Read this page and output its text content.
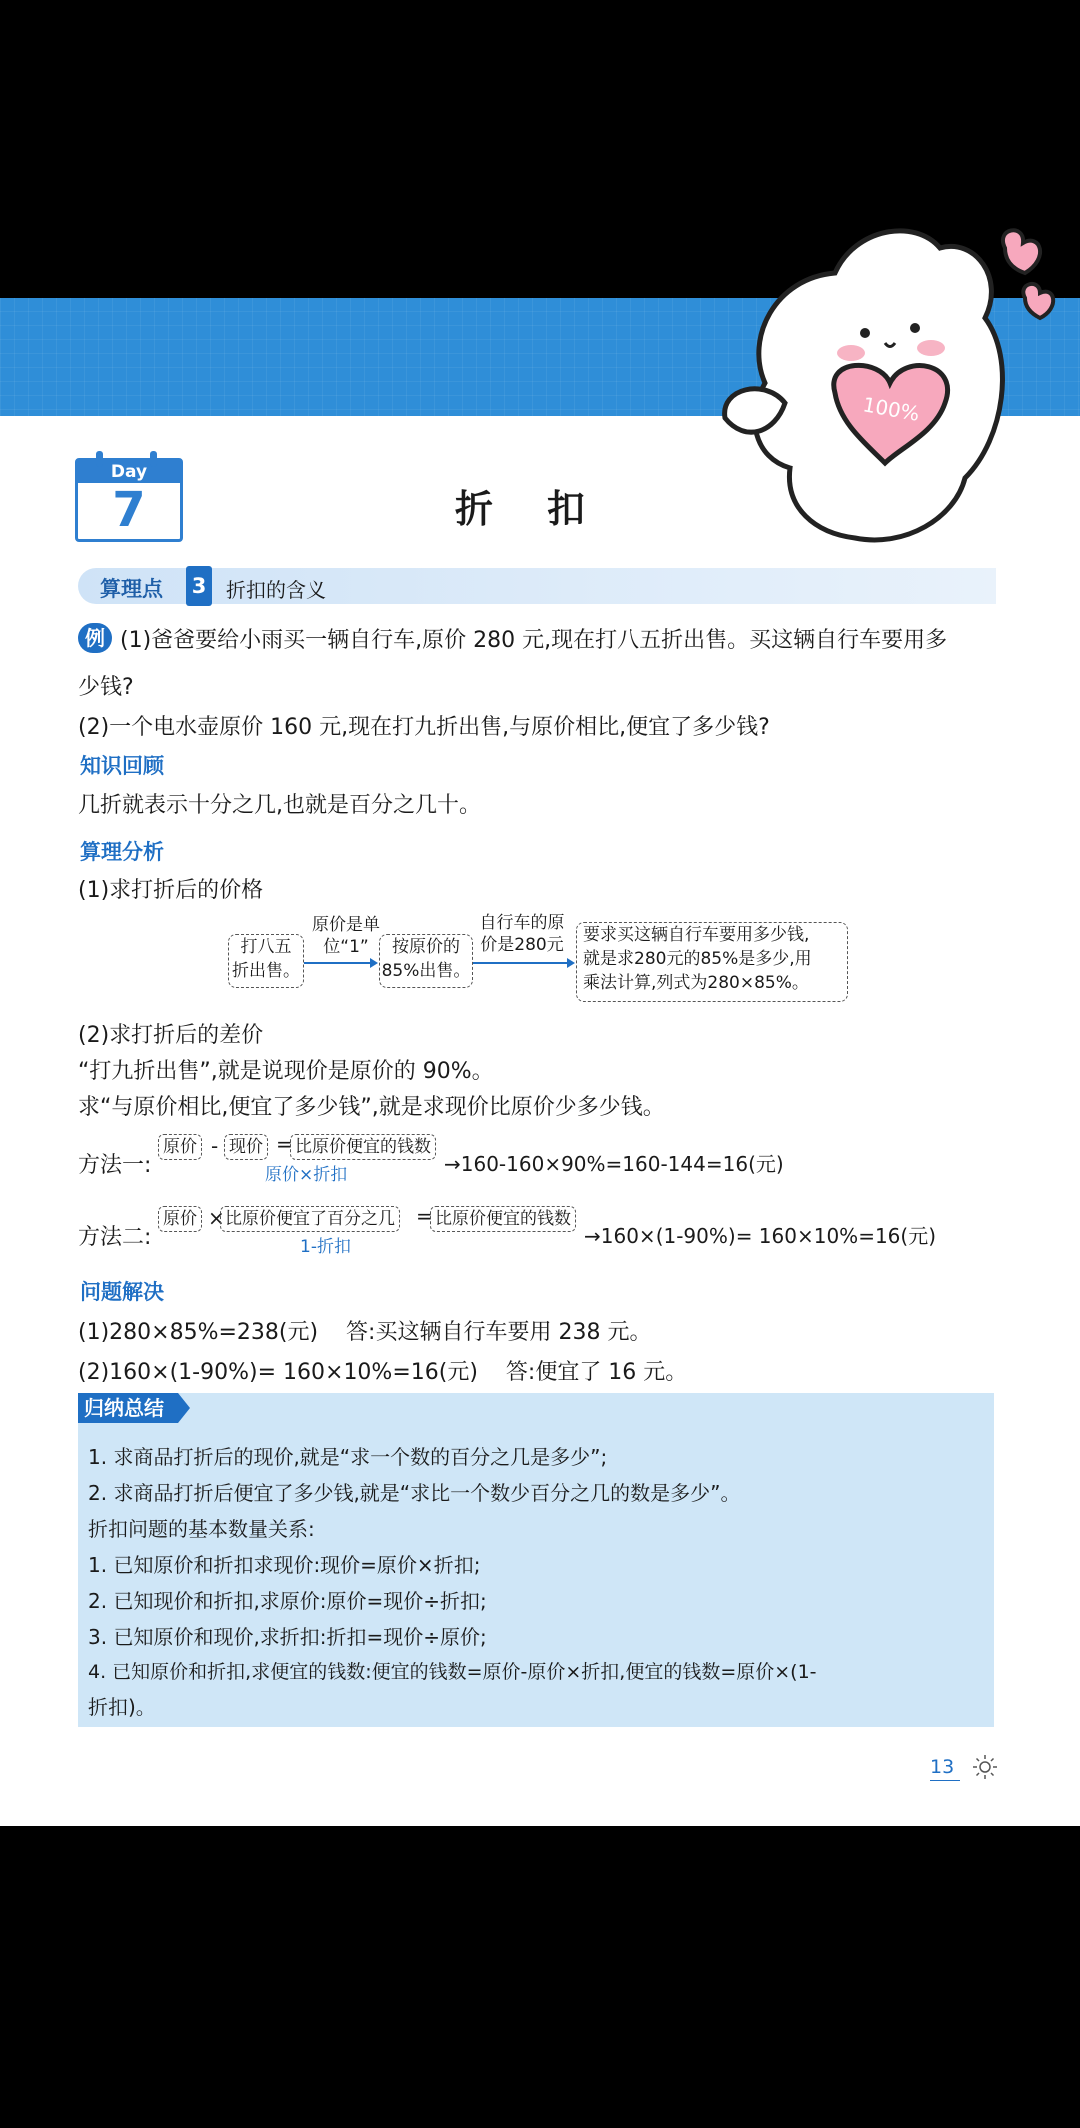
Day
7	折扣
算理点 3 折扣的含义
例 (1)爸爸要给小雨买一辆自行车,原价 280 元,现在打八五折出售。买这辆自行车要用多
少钱?
(2)一个电水壶原价 160 元,现在打九折出售,与原价相比,便宜了多少钱?
知识回顾
几折就表示十分之几,也就是百分之几十。
算理分析
(1)求打折后的价格
打八五
折出售。
原价是单
位“1”	按原价的
85%出售。
自行车的原
价是280元	要求买这辆自行车要用多少钱,
就是求280元的85%是多少,用
乘法计算,列式为280×85%。
(2)求打折后的差价
“打九折出售”,就是说现价是原价的 90%。
求“与原价相比,便宜了多少钱”,就是求现价比原价少多少钱。
方法一:
原价 - 现价 = 比原价便宜的钱数
原价×折扣	→160-160×90%=160-144=16(元)
方法二:
原价 × 比原价便宜了百分之几 = 比原价便宜的钱数
1-折扣	→160×(1-90%)= 160×10%=16(元)
问题解决
(1)280×85%=238(元)    答:买这辆自行车要用 238 元。
(2)160×(1-90%)= 160×10%=16(元)    答:便宜了 16 元。
归纳总结
1. 求商品打折后的现价,就是“求一个数的百分之几是多少”;
2. 求商品打折后便宜了多少钱,就是“求比一个数少百分之几的数是多少”。
折扣问题的基本数量关系:
1. 已知原价和折扣求现价:现价=原价×折扣;
2. 已知现价和折扣,求原价:原价=现价÷折扣;
3. 已知原价和现价,求折扣:折扣=现价÷原价;
4. 已知原价和折扣,求便宜的钱数:便宜的钱数=原价-原价×折扣,便宜的钱数=原价×(1-
折扣)。
13
100%
